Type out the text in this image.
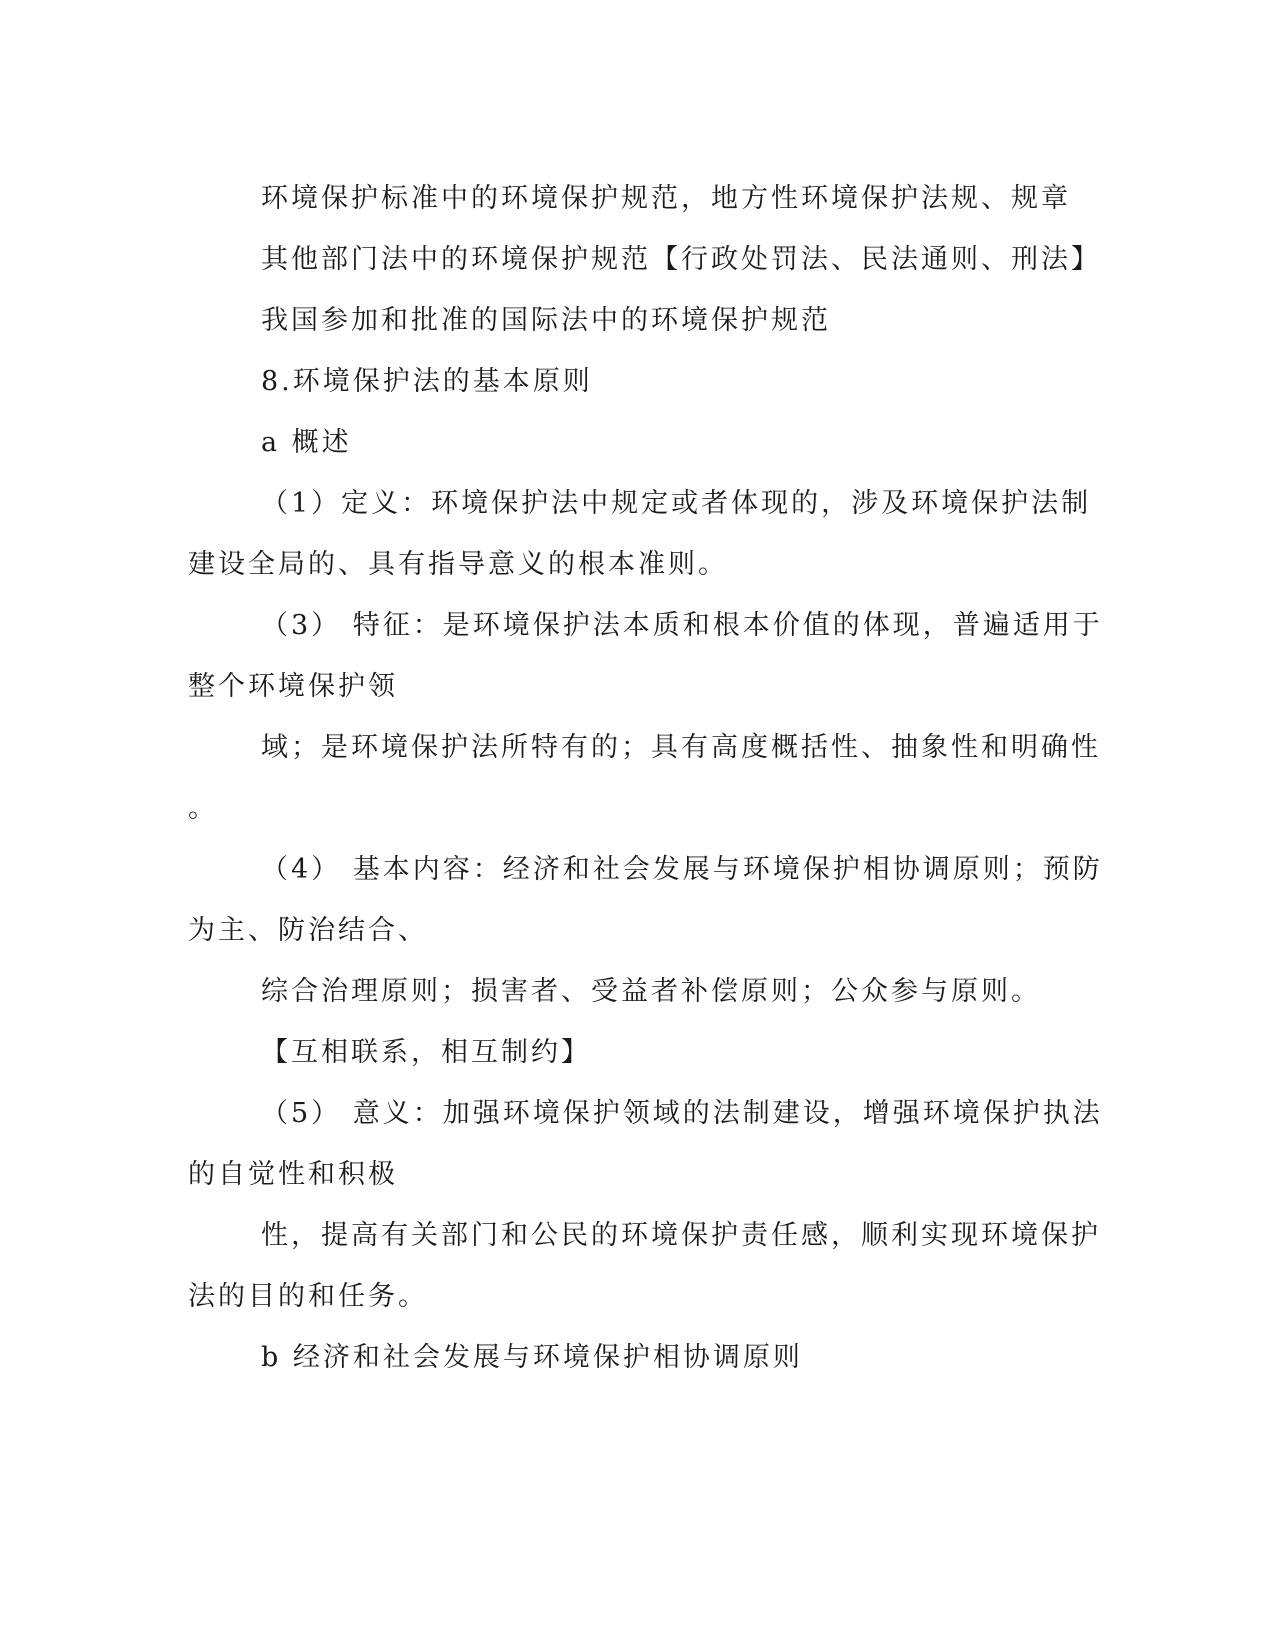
环境保护标准中的环境保护规范，地方性环境保护法规、规章
其他部门法中的环境保护规范【行政处罚法、民法通则、刑法】
我国参加和批准的国际法中的环境保护规范
8.环境保护法的基本原则
a 概述
（1）定义：环境保护法中规定或者体现的，涉及环境保护法制
建设全局的、具有指导意义的根本准则。
（3） 特征：是环境保护法本质和根本价值的体现，普遍适用于
整个环境保护领
域；是环境保护法所特有的；具有高度概括性、抽象性和明确性
。
（4） 基本内容：经济和社会发展与环境保护相协调原则；预防
为主、防治结合、
综合治理原则；损害者、受益者补偿原则；公众参与原则。
【互相联系，相互制约】
（5） 意义：加强环境保护领域的法制建设，增强环境保护执法
的自觉性和积极
性，提高有关部门和公民的环境保护责任感，顺利实现环境保护
法的目的和任务。
b 经济和社会发展与环境保护相协调原则
